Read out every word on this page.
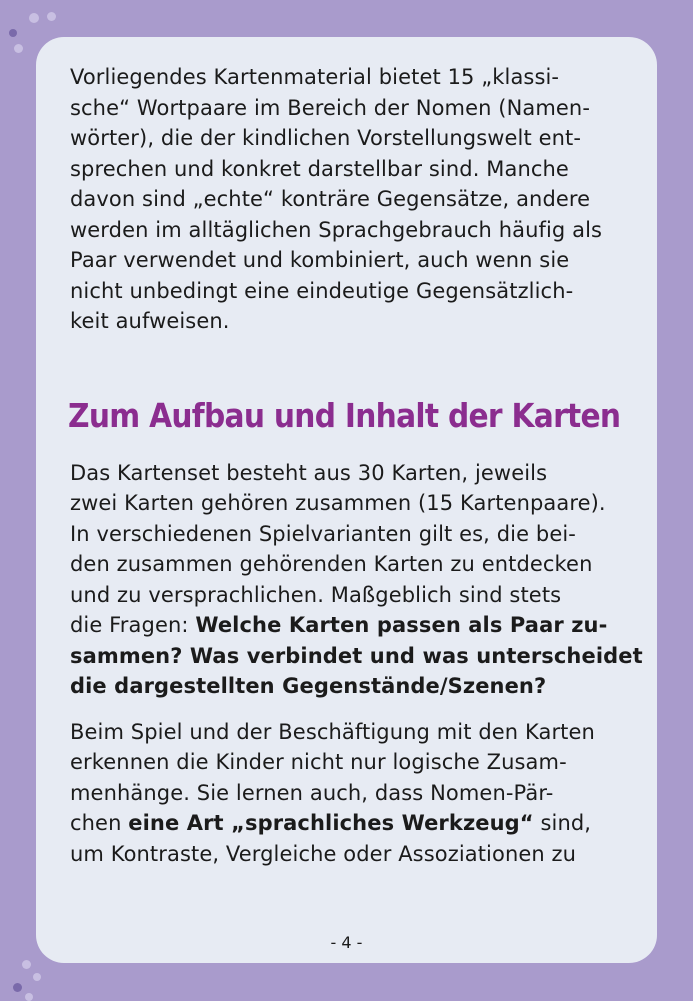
Vorliegendes Kartenmaterial bietet 15 „klassi-
sche“ Wortpaare im Bereich der Nomen (Namen-
wörter), die der kindlichen Vorstellungswelt ent-
sprechen und konkret darstellbar sind. Manche
davon sind „echte“ konträre Gegensätze, andere
werden im alltäglichen Sprachgebrauch häufig als
Paar verwendet und kombiniert, auch wenn sie
nicht unbedingt eine eindeutige Gegensätzlich-
keit aufweisen.

Zum Aufbau und Inhalt der Karten

Das Kartenset besteht aus 30 Karten, jeweils
zwei Karten gehören zusammen (15 Kartenpaare).
In verschiedenen Spielvarianten gilt es, die bei-
den zusammen gehörenden Karten zu entdecken
und zu versprachlichen. Maßgeblich sind stets
die Fragen: Welche Karten passen als Paar zu-
sammen? Was verbindet und was unterscheidet
die dargestellten Gegenstände/Szenen?

Beim Spiel und der Beschäftigung mit den Karten
erkennen die Kinder nicht nur logische Zusam-
menhänge. Sie lernen auch, dass Nomen-Pär-
chen eine Art „sprachliches Werkzeug“ sind,
um Kontraste, Vergleiche oder Assoziationen zu

- 4 -
